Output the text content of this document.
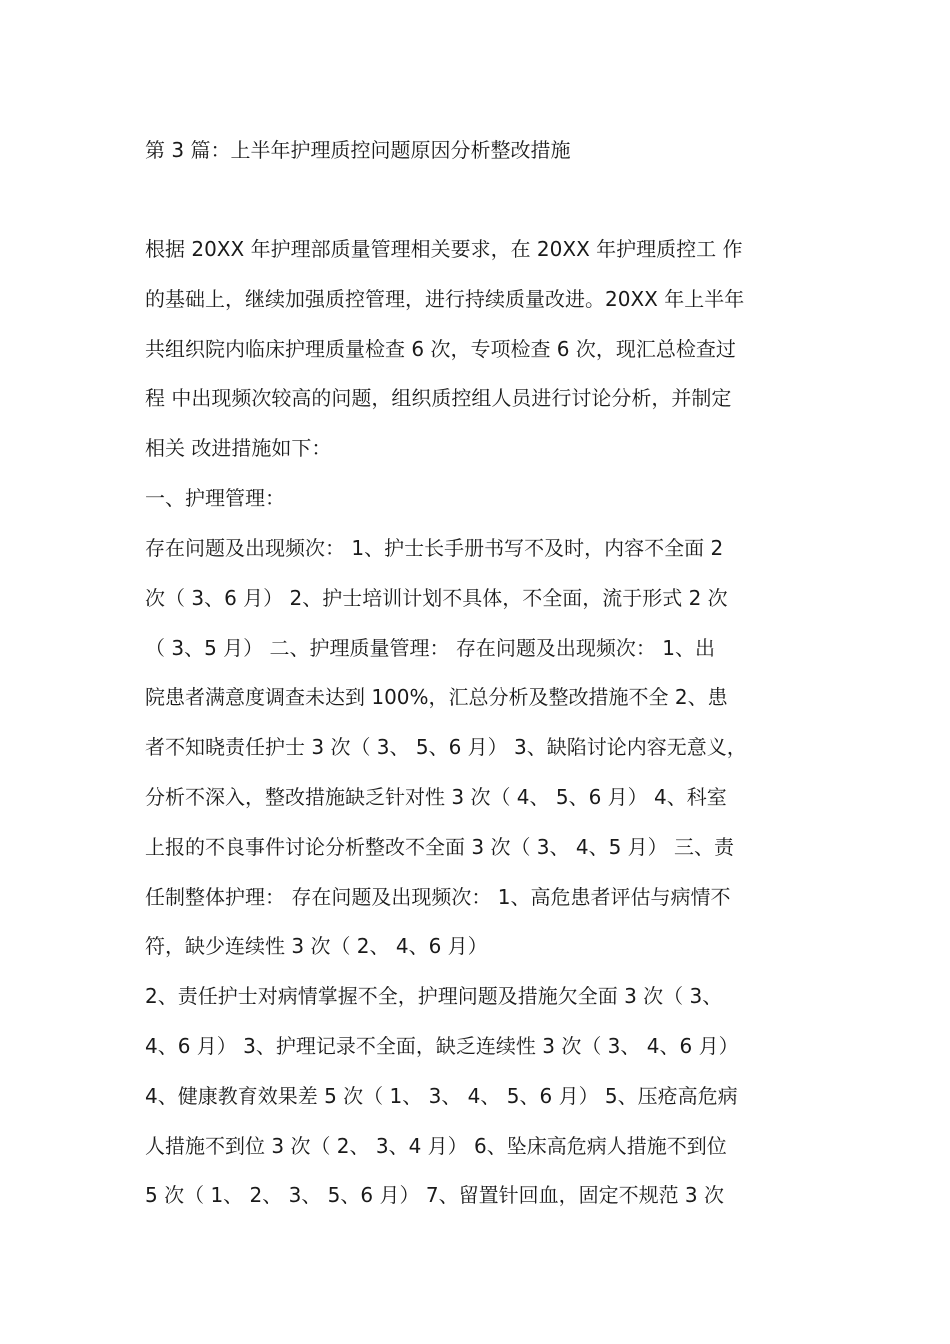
第 3 篇：上半年护理质控问题原因分析整改措施
根据 20XX 年护理部质量管理相关要求，在 20XX 年护理质控工 作
的基础上，继续加强质控管理，进行持续质量改进。20XX 年上半年
共组织院内临床护理质量检查 6 次，专项检查 6 次，现汇总检查过
程 中出现频次较高的问题，组织质控组人员进行讨论分析，并制定
相关 改进措施如下：
一、护理管理：
存在问题及出现频次： 1、护士长手册书写不及时，内容不全面 2
次（ 3、6 月） 2、护士培训计划不具体，不全面，流于形式 2 次
（ 3、5 月） 二、护理质量管理： 存在问题及出现频次： 1、出
院患者满意度调查未达到 100%，汇总分析及整改措施不全 2、患
者不知晓责任护士 3 次（ 3、 5、6 月） 3、缺陷讨论内容无意义，
分析不深入，整改措施缺乏针对性 3 次（ 4、 5、6 月） 4、科室
上报的不良事件讨论分析整改不全面 3 次（ 3、 4、5 月） 三、责
任制整体护理： 存在问题及出现频次： 1、高危患者评估与病情不
符，缺少连续性 3 次（ 2、 4、6 月）
2、责任护士对病情掌握不全，护理问题及措施欠全面 3 次（ 3、
4、6 月） 3、护理记录不全面，缺乏连续性 3 次（ 3、 4、6 月）
4、健康教育效果差 5 次（ 1、 3、 4、 5、6 月） 5、压疮高危病
人措施不到位 3 次（ 2、 3、4 月） 6、坠床高危病人措施不到位
5 次（ 1、 2、 3、 5、6 月） 7、留置针回血，固定不规范 3 次
